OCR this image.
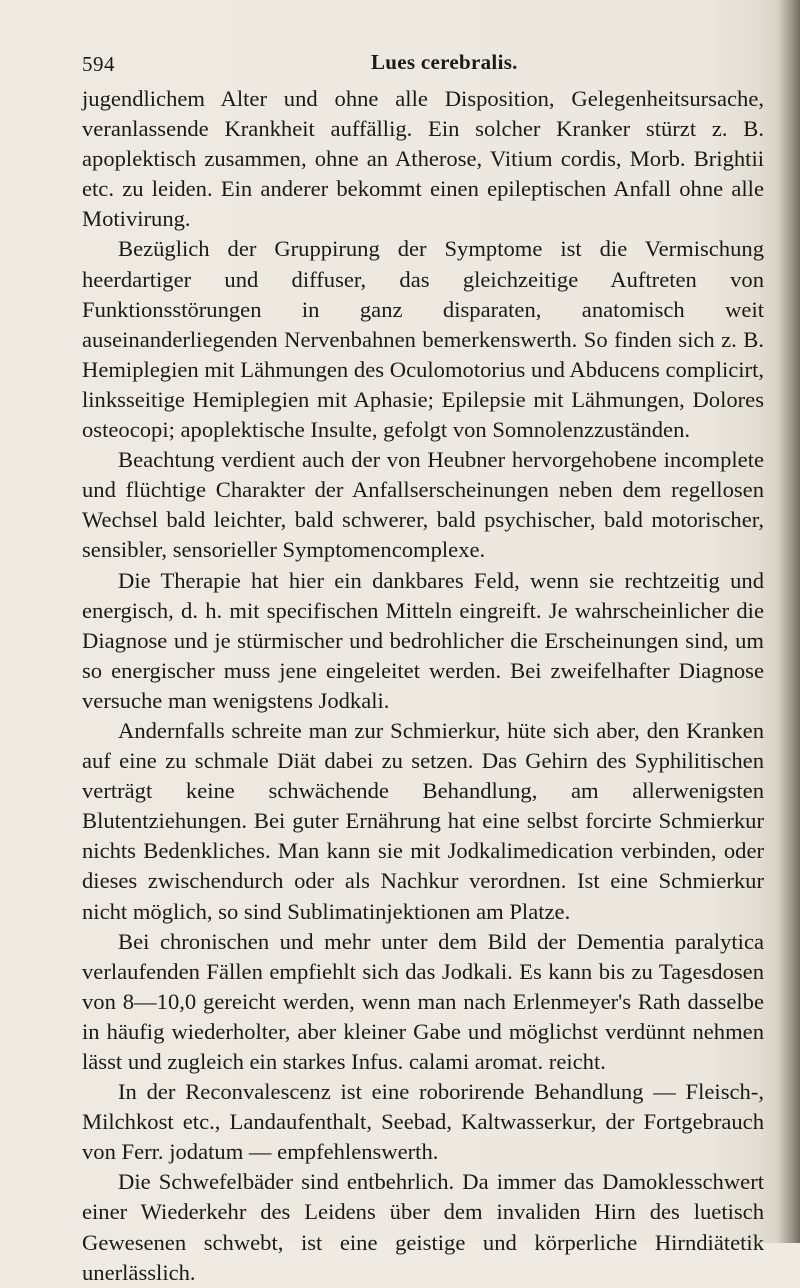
594	Lues cerebralis.

jugendlichem Alter und ohne alle Disposition, Gelegenheitsursache, veranlassende Krankheit auffällig. Ein solcher Kranker stürzt z. B. apoplektisch zusammen, ohne an Atherose, Vitium cordis, Morb. Brightii etc. zu leiden. Ein anderer bekommt einen epileptischen Anfall ohne alle Motivirung.

Bezüglich der Gruppirung der Symptome ist die Vermischung heerdartiger und diffuser, das gleichzeitige Auftreten von Funktionsstörungen in ganz disparaten, anatomisch weit auseinanderliegenden Nervenbahnen bemerkenswerth. So finden sich z. B. Hemiplegien mit Lähmungen des Oculomotorius und Abducens complicirt, linksseitige Hemiplegien mit Aphasie; Epilepsie mit Lähmungen, Dolores osteocopi; apoplektische Insulte, gefolgt von Somnolenzzuständen.

Beachtung verdient auch der von Heubner hervorgehobene incomplete und flüchtige Charakter der Anfallserscheinungen neben dem regellosen Wechsel bald leichter, bald schwerer, bald psychischer, bald motorischer, sensibler, sensorieller Symptomencomplexe.

Die Therapie hat hier ein dankbares Feld, wenn sie rechtzeitig und energisch, d. h. mit specifischen Mitteln eingreift. Je wahrscheinlicher die Diagnose und je stürmischer und bedrohlicher die Erscheinungen sind, um so energischer muss jene eingeleitet werden. Bei zweifelhafter Diagnose versuche man wenigstens Jodkali.

Andernfalls schreite man zur Schmierkur, hüte sich aber, den Kranken auf eine zu schmale Diät dabei zu setzen. Das Gehirn des Syphilitischen verträgt keine schwächende Behandlung, am allerwenigsten Blutentziehungen. Bei guter Ernährung hat eine selbst forcirte Schmierkur nichts Bedenkliches. Man kann sie mit Jodkalimedication verbinden, oder dieses zwischendurch oder als Nachkur verordnen. Ist eine Schmierkur nicht möglich, so sind Sublimatinjektionen am Platze.

Bei chronischen und mehr unter dem Bild der Dementia paralytica verlaufenden Fällen empfiehlt sich das Jodkali. Es kann bis zu Tagesdosen von 8—10,0 gereicht werden, wenn man nach Erlenmeyer's Rath dasselbe in häufig wiederholter, aber kleiner Gabe und möglichst verdünnt nehmen lässt und zugleich ein starkes Infus. calami aromat. reicht.

In der Reconvalescenz ist eine roborirende Behandlung — Fleisch-, Milchkost etc., Landaufenthalt, Seebad, Kaltwasserkur, der Fortgebrauch von Ferr. jodatum — empfehlenswerth.

Die Schwefelbäder sind entbehrlich. Da immer das Damoklesschwert einer Wiederkehr des Leidens über dem invaliden Hirn des luetisch Gewesenen schwebt, ist eine geistige und körperliche Hirndiätetik unerlässlich.
